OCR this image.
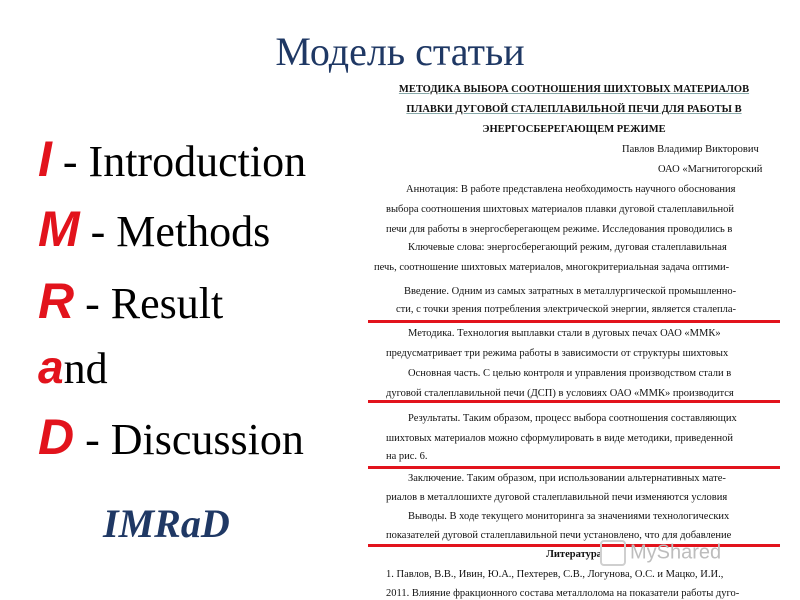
Модель статьи
I - Introduction
M - Methods
R - Result
and
D - Discussion
IMRaD
МЕТОДИКА ВЫБОРА СООТНОШЕНИЯ ШИХТОВЫХ МАТЕРИАЛОВ
ПЛАВКИ ДУГОВОЙ СТАЛЕПЛАВИЛЬНОЙ ПЕЧИ ДЛЯ РАБОТЫ В
ЭНЕРГОСБЕРЕГАЮЩЕМ РЕЖИМЕ
Павлов Владимир Викторович
ОАО «Магнитогорский
Аннотация: В работе представлена необходимость научного обоснования
выбора соотношения шихтовых материалов плавки дуговой сталеплавильной
печи для работы в энергосберегающем режиме. Исследования проводились в
Ключевые слова: энергосберегающий режим, дуговая сталеплавильная
печь, соотношение шихтовых материалов, многокритериальная задача оптими-
Введение. Одним из самых затратных в металлургической промышленно-
сти, с точки зрения потребления электрической энергии, является сталепла-
Методика. Технология выплавки стали в дуговых печах ОАО «ММК»
предусматривает три режима работы в зависимости от структуры шихтовых
Основная часть. С целью контроля и управления производством стали в
дуговой сталеплавильной печи (ДСП) в условиях ОАО «ММК» производится
Результаты. Таким образом, процесс выбора соотношения составляющих
шихтовых материалов можно сформулировать в виде методики, приведенной
на рис. 6.
Заключение. Таким образом, при использовании альтернативных мате-
риалов в металлошихте дуговой сталеплавильной печи изменяются условия
Выводы. В ходе текущего мониторинга за значениями технологических
показателей дуговой сталеплавильной печи установлено, что для добавление
Литература
1. Павлов, В.В., Ивин, Ю.А., Пехтерев, С.В., Логунова, О.С. и Мацко, И.И.,
2011. Влияние фракционного состава металлолома на показатели работы дуго-
MyShared
